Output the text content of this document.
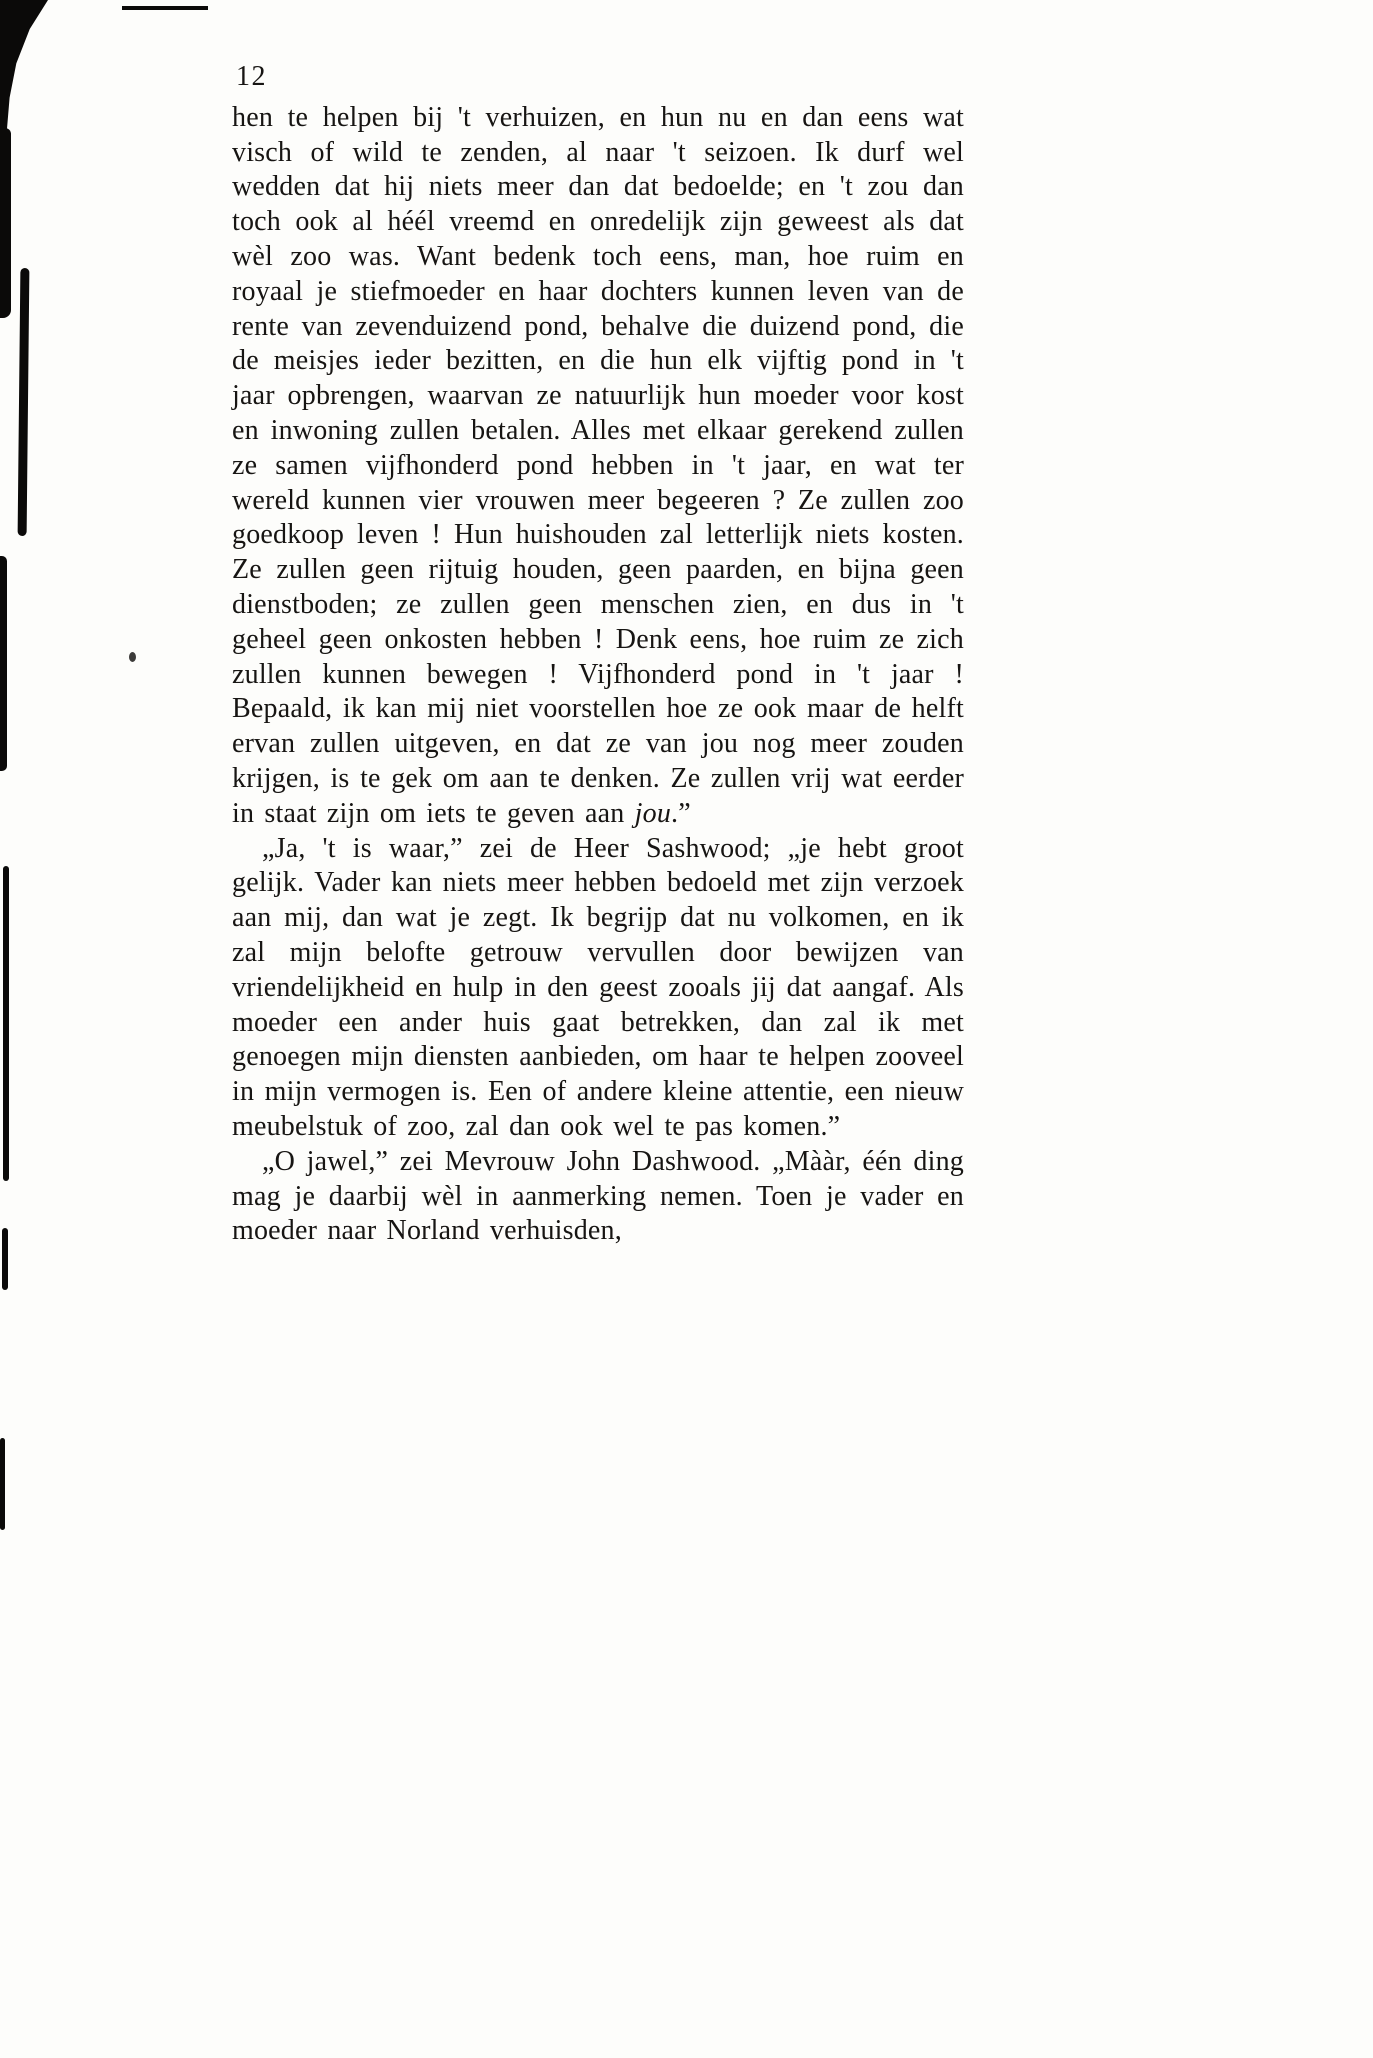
12

hen te helpen bij 't verhuizen, en hun nu en dan eens wat visch of wild te zenden, al naar 't seizoen. Ik durf wel wedden dat hij niets meer dan dat bedoelde; en 't zou dan toch ook al héél vreemd en onredelijk zijn geweest als dat wèl zoo was. Want bedenk toch eens, man, hoe ruim en royaal je stiefmoeder en haar dochters kunnen leven van de rente van zevenduizend pond, behalve die duizend pond, die de meisjes ieder bezitten, en die hun elk vijftig pond in 't jaar opbrengen, waarvan ze natuurlijk hun moeder voor kost en inwoning zullen betalen. Alles met elkaar gerekend zullen ze samen vijfhonderd pond hebben in 't jaar, en wat ter wereld kunnen vier vrouwen meer begeeren ? Ze zullen zoo goedkoop leven ! Hun huishouden zal letterlijk niets kosten. Ze zullen geen rijtuig houden, geen paarden, en bijna geen dienstboden; ze zullen geen menschen zien, en dus in 't geheel geen onkosten hebben ! Denk eens, hoe ruim ze zich zullen kunnen bewegen ! Vijfhonderd pond in 't jaar ! Bepaald, ik kan mij niet voorstellen hoe ze ook maar de helft ervan zullen uitgeven, en dat ze van jou nog meer zouden krijgen, is te gek om aan te denken. Ze zullen vrij wat eerder in staat zijn om iets te geven aan jou.”

„Ja, 't is waar,” zei de Heer Sashwood; „je hebt groot gelijk. Vader kan niets meer hebben bedoeld met zijn verzoek aan mij, dan wat je zegt. Ik begrijp dat nu volkomen, en ik zal mijn belofte getrouw vervullen door bewijzen van vriendelijkheid en hulp in den geest zooals jij dat aangaf. Als moeder een ander huis gaat betrekken, dan zal ik met genoegen mijn diensten aanbieden, om haar te helpen zooveel in mijn vermogen is. Een of andere kleine attentie, een nieuw meubelstuk of zoo, zal dan ook wel te pas komen.”

„O jawel,” zei Mevrouw John Dashwood. „Mààr, één ding mag je daarbij wèl in aanmerking nemen. Toen je vader en moeder naar Norland verhuisden,
